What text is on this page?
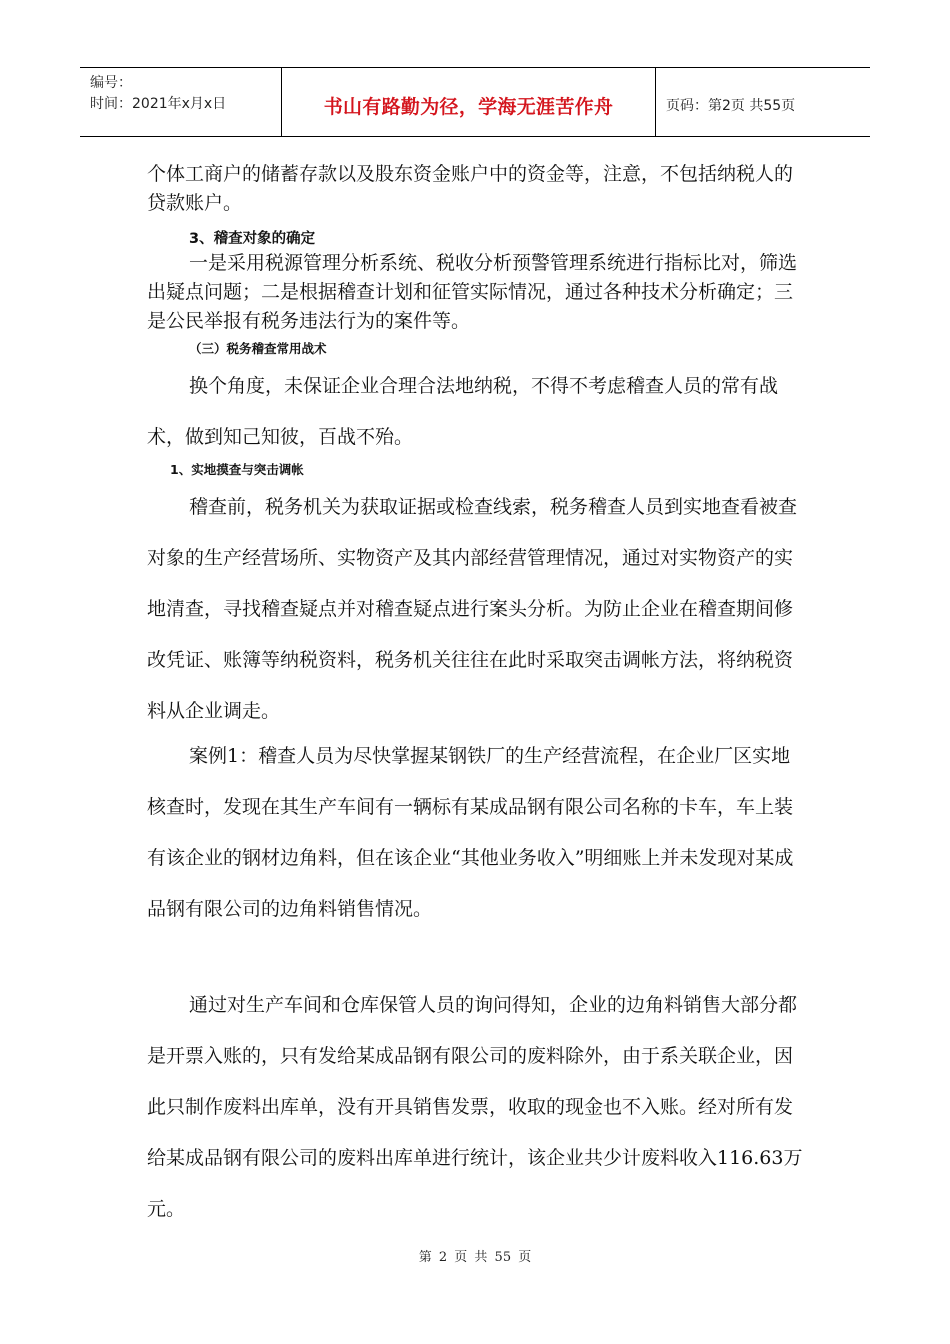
编号：
时间：2021年x月x日	书山有路勤为径，学海无涯苦作舟	页码：第2页 共55页

个体工商户的储蓄存款以及股东资金账户中的资金等，注意，不包括纳税人的贷款账户。

3、稽查对象的确定

一是采用税源管理分析系统、税收分析预警管理系统进行指标比对，筛选出疑点问题；二是根据稽查计划和征管实际情况，通过各种技术分析确定；三是公民举报有税务违法行为的案件等。

（三）税务稽查常用战术

换个角度，未保证企业合理合法地纳税，不得不考虑稽查人员的常有战术，做到知己知彼，百战不殆。

1、实地摸查与突击调帐

稽查前，税务机关为获取证据或检查线索，税务稽查人员到实地查看被查对象的生产经营场所、实物资产及其内部经营管理情况，通过对实物资产的实地清查，寻找稽查疑点并对稽查疑点进行案头分析。为防止企业在稽查期间修改凭证、账簿等纳税资料，税务机关往往在此时采取突击调帐方法，将纳税资料从企业调走。

案例1：稽查人员为尽快掌握某钢铁厂的生产经营流程，在企业厂区实地核查时，发现在其生产车间有一辆标有某成品钢有限公司名称的卡车，车上装有该企业的钢材边角料，但在该企业“其他业务收入”明细账上并未发现对某成品钢有限公司的边角料销售情况。

通过对生产车间和仓库保管人员的询问得知，企业的边角料销售大部分都是开票入账的，只有发给某成品钢有限公司的废料除外，由于系关联企业，因此只制作废料出库单，没有开具销售发票，收取的现金也不入账。经对所有发给某成品钢有限公司的废料出库单进行统计，该企业共少计废料收入116.63万元。

第 2 页 共 55 页
